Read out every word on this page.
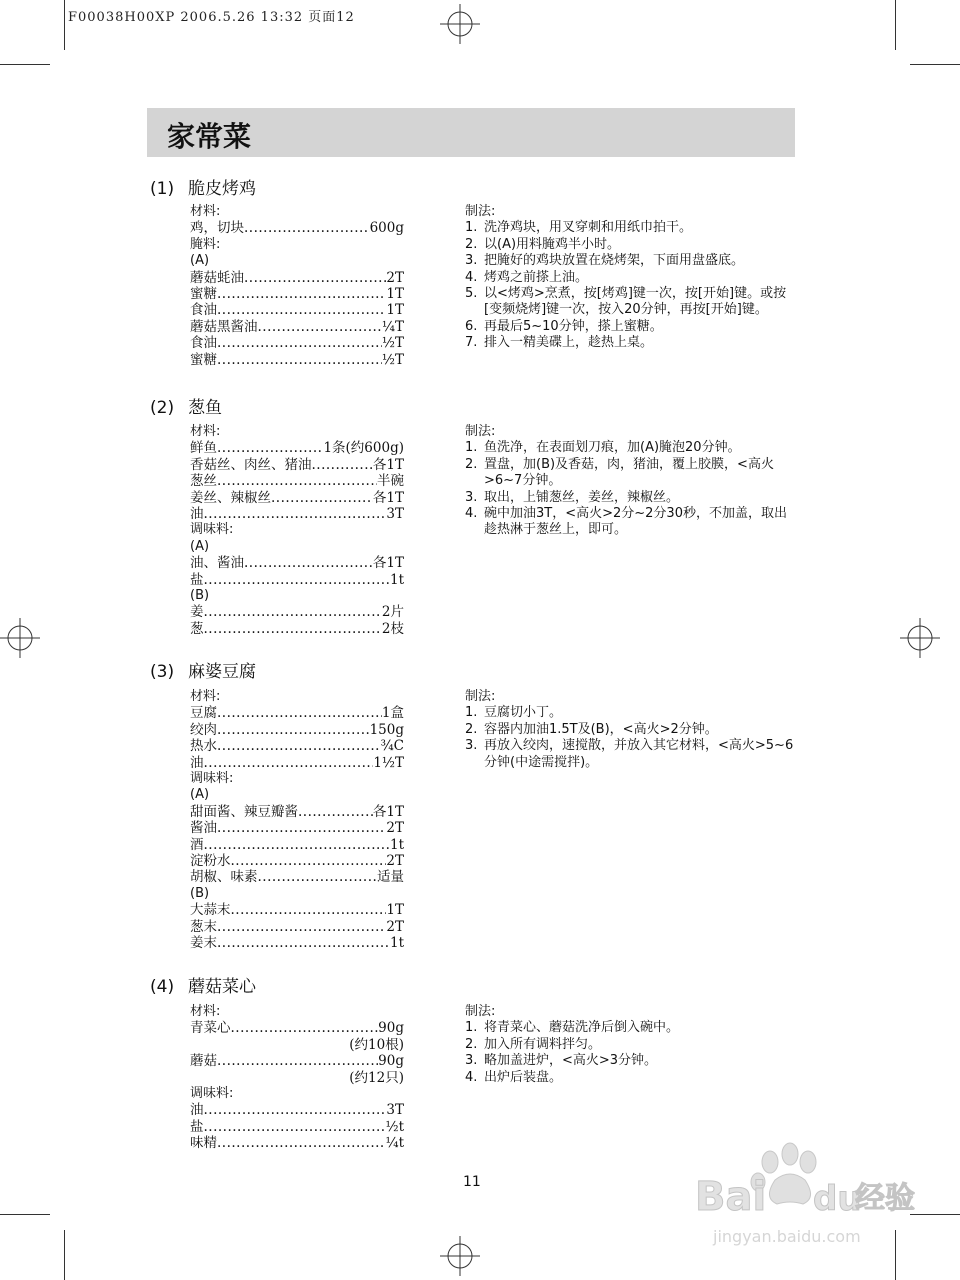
F00038H00XP 2006.5.26 13:32 页面12
家常菜
(1) 脆皮烤鸡
(2) 葱鱼
(3) 麻婆豆腐
(4) 蘑菇菜心
材料:
鸡，切块 .....	600g
腌料:
(A)
蘑菇蚝油 .....	2T
蜜糖 .....	1T
食油 .....	1T
蘑菇黑酱油 .....	¼T
食油 .....	½T
蜜糖 .....	½T
材料:
鲜鱼 .....	1条(约600g)
香菇丝、肉丝、猪油 .....	各1T
葱丝 .....	半碗
姜丝、辣椒丝 .....	各1T
油 .....	3T
调味料:
(A)
油、酱油 .....	各1T
盐 .....	1t
(B)
姜 .....	2片
葱 .....	2枝
材料:
豆腐 .....	1盒
绞肉 .....	150g
热水 .....	¾C
油 .....	1½T
调味料:
(A)
甜面酱、辣豆瓣酱 .....	各1T
酱油 .....	2T
酒 .....	1t
淀粉水 .....	2T
胡椒、味素 .....	适量
(B)
大蒜末 .....	1T
葱末 .....	2T
姜末 .....	1t
材料:
青菜心 .....	90g
(约10根)
蘑菇 .....	90g
(约12只)
调味料:
油 .....	3T
盐 .....	½t
味精 .....	¼t
制法:
1. 洗净鸡块，用叉穿刺和用纸巾拍干。
2. 以(A)用料腌鸡半小时。
3. 把腌好的鸡块放置在烧烤架，下面用盘盛底。
4. 烤鸡之前搽上油。
5. 以<烤鸡>烹煮，按[烤鸡]键一次，按[开始]键。或按[变频烧烤]键一次，按入20分钟，再按[开始]键。
6. 再最后5~10分钟，搽上蜜糖。
7. 排入一精美碟上，趁热上桌。
制法:
1. 鱼洗净，在表面划刀痕，加(A)腌泡20分钟。
2. 置盘，加(B)及香菇，肉，猪油，覆上胶膜，<高火>6~7分钟。
3. 取出，上铺葱丝，姜丝，辣椒丝。
4. 碗中加油3T，<高火>2分~2分30秒，不加盖，取出趁热淋于葱丝上，即可。
制法:
1. 豆腐切小丁。
2. 容器内加油1.5T及(B)，<高火>2分钟。
3. 再放入绞肉，速搅散，并放入其它材料，<高火>5~6分钟(中途需搅拌)。
制法:
1. 将青菜心、蘑菇洗净后倒入碗中。
2. 加入所有调料拌匀。
3. 略加盖进炉，<高火>3分钟。
4. 出炉后装盘。
11	Bai du
经验
jingyan.baidu.com
